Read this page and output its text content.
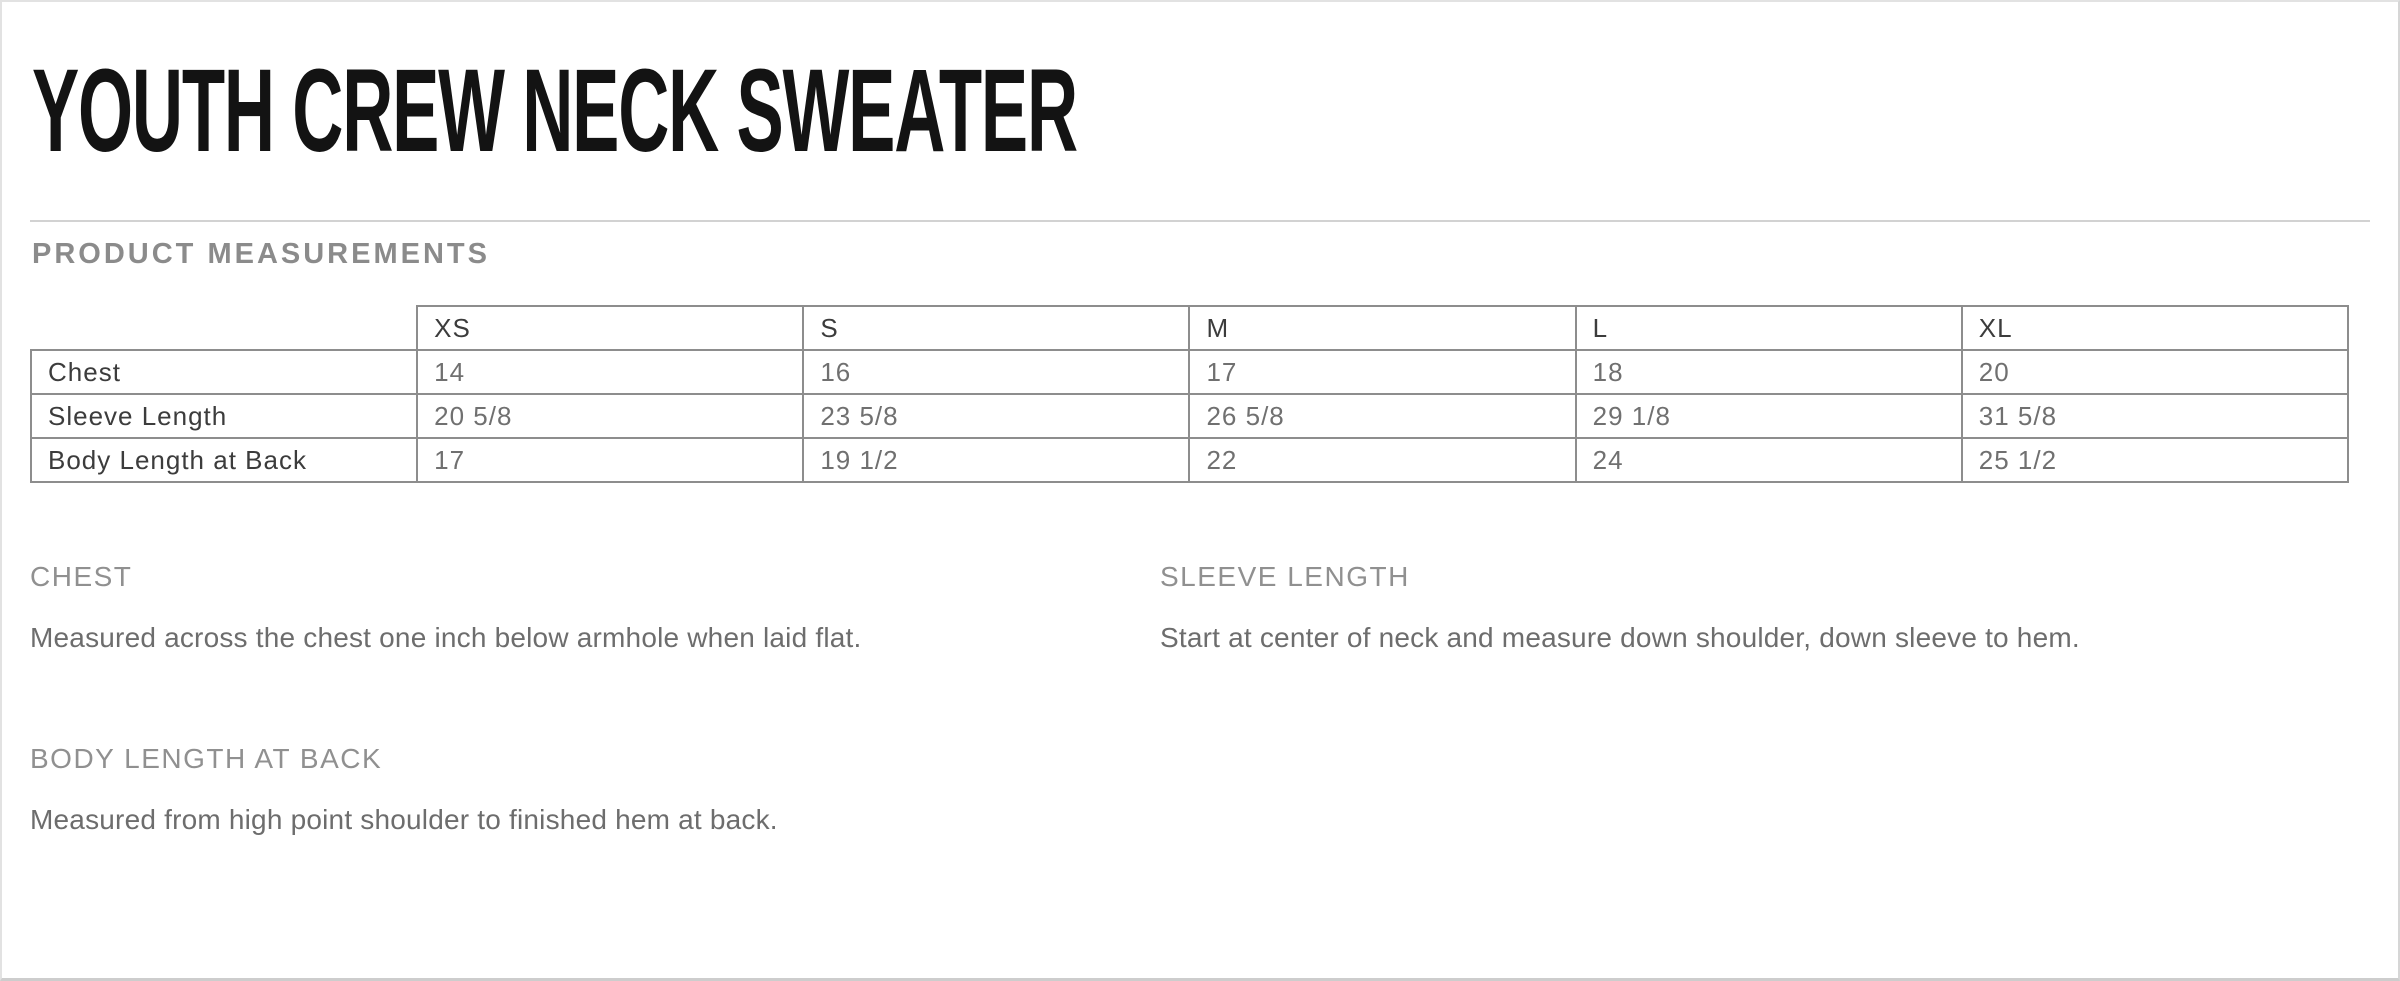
YOUTH CREW NECK SWEATER
PRODUCT MEASUREMENTS
	XS	S	M	L	XL
Chest	14	16	17	18	20
Sleeve Length	20 5/8	23 5/8	26 5/8	29 1/8	31 5/8
Body Length at Back	17	19 1/2	22	24	25 1/2
CHEST

Measured across the chest one inch below armhole when laid flat.

SLEEVE LENGTH

Start at center of neck and measure down shoulder, down sleeve to hem.

BODY LENGTH AT BACK

Measured from high point shoulder to finished hem at back.
